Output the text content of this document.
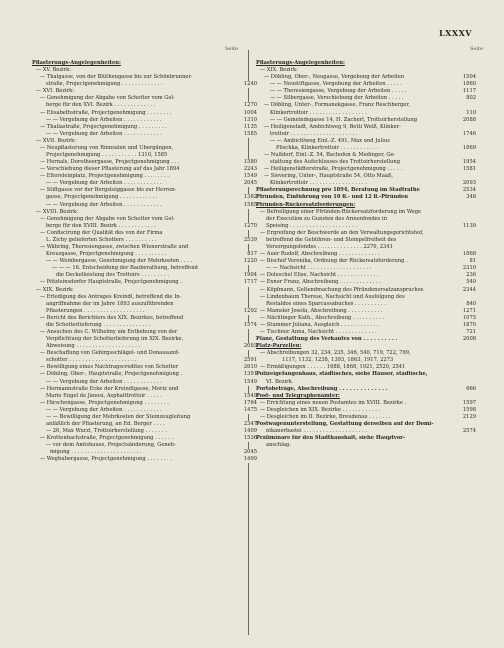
LXXXV
Seite	Seite
Pflasterungs-Angelegenheiten:
— XV. Bezirk:
— Thalgasse, von der Blüthengasse bis zur Schönbrunner-
straße, Projectgenehmigung . . . . . . . . . . . . .	1240
— XVI. Bezirk:
— Genehmigung der Abgabe von Schotter vom Gel-
berge für den XVI. Bezirk . . . . . . . . . . . . .	1270
— Elisabethstraße, Projectgenehmigung . . . . . . . .	1004
— — Vergebung der Arbeiten . . . . . . . . . . . .	1310
— Thaliastraße, Projectgenehmigung . . . . . . . . .	1135
— — Vergebung der Arbeiten . . . . . . . . . . . .	1585
— XVII. Bezirk:
— Neupflasterung von Rinnsalen und Übergängen,
Projectgenehmigung . . . . . . . . . . . 1310, 1585
— Hernals, Dorotheergasse, Projectgenehmigung . . .	1580
— Verschiebung dieser Pflasterung auf das Jahr 1894	2243
— Eltereleinplatz, Projectgenehmigung . . . . . . . .	1549
— — Vergebung der Arbeiten . . . . . . . . . . . .	2045
— Stiftgasse vor der Bergsteiggasse bis zur Herren-
gasse, Projectgenehmigung . . . . . . . . . . . .	1382
— — Vergebung der Arbeiten . . . . . . . . . . . .	1585
— XVIII. Bezirk:
— Genehmigung der Abgabe von Schotter vom Gel-
berge für den XVIII. Bezirk . . . . . . . . . . . .	1270
— Confiscirung der Qualität des von der Firma
L. Zichy gelieferten Schotters . . . . . . . . . .	2539
— Währing, Theresiengasse, zwischen Wienerstraße und
Kreuzgasse, Projectgenehmigung . . . . . . . . . .	817
— — Weinbergasse, Genehmigung der Mehrkosten . . . .	1220
— — — 16. Entscheidung der Bauberathung, betreffend
die Deckelleistung des Trottoirs . . . . . . . . .	1904
— Pötzleinsdorfer Hauptstraße, Projectgenehmigung .	1717
— XIX. Bezirk:
— Erledigung des Antrages Kreindl, betreffend die In-
angriffnahme der im Jahre 1893 auszuführenden
Pflasterungen . . . . . . . . . . . . . . . . . . .	1292
— Bericht des Berichters des XIX. Bezirkes, betreffend
die Schotterlieferung . . . . . . . . . . . . . . .	1574
— Ansuchen des C. Wilhelmy um Enthebung von der
Verpflichtung der Schotterlieferung im XIX. Bezirke,
Abweisung . . . . . . . . . . . . . . . . . . . .	2093
— Beschaffung von Gebirgsschlägel- und Donausand-
schotter . . . . . . . . . . . . . . . . . . . . .	2591
— Bewilligung eines Nachtragscredites von Schotter	2610
— Döbling, Ober-, Hauptstraße, Projectgenehmigung .	1391
— — Vergebung der Arbeiten . . . . . . . . . . . .	1549
— Hermannstraße Ecke der Kreindlgasse, Moriz und
Marie Engel de Jánosi, Asphalttrottoir . . . . .	1549
— Hirschengasse, Projectgenehmigung . . . . . . . .	1764
— — Vergebung der Arbeiten . . . . . . . . . . . .	1475
— — Bewilligung der Mehrkosten der Steinzeugleitung
anläßlich der Pflasterung, an Ed. Berger . . . .	2347
— 26, Max Wurzl, Trottoirherstellung . . . . . . .	1409
— Krottenbachstraße, Projectgenehmigung . . . . . .	1536
— vor dem Amtshause, Projectsänderung, Geneh-
migung . . . . . . . . . . . . . . . . . . . . . .	2045
— Weghubergasse, Projectgenehmigung . . . . . . . .	1499
Pflasterungs-Angelegenheiten:
— XIX. Bezirk:
— Döbling, Ober-, Neugasse, Vergebung der Arbeiten	1504
— — Neustiftgasse, Vergebung der Arbeiten . . . . .	1860
— — Theresiengasse, Vergebung der Arbeiten . . . . .	1117
— — Silbergasse, Verschiebung der Arbeiten . . . . .	802
— Döbling, Unter-, Formanekgasse, Franz Reschberger,
Klinkertrottoir . . . . . . . . . . . . . . . . . .	110
— — Gemeindegasse 14, H. Zacherl, Trottoirherstellung	2088
— Heiligenstadt, Ambichlweg 9, Betti Weiß, Klinker-
trottoir . . . . . . . . . . . . . . . . . . . . .	1746
— — Ambichlweg Einl.-Z. 491, Max und Julius
Plischka, Klinkertrottoir . . . . . . . . . . . .	1869
— Nußdorf, Einl.-Z. 54, Bachofen & Medinger, Ge-
stattung des Aufschlusses des Trottoirherstellung	1954
— Heiligenstädterstraße, Projectgenehmigung . . . . .	1581
— Sievering, Unter-, Hauptstraße 54, Otto Maaß,
Klinkertrottoir . . . . . . . . . . . . . . . . . .	2093
Pflasterungsrechnung pro 1894, Beratung im Stadtrathe	2534
Pfründen, Einführung von 10 fl.- und 12 fl.-Pfründen	348
Pfründen-Rückersatzforderungen:
— Befreiligung einer Pfründen-Rückersatzforderung im Wege
der Execution zu Gunsten des Armenfondes in
Speising . . . . . . . . . . . . . . . . . . . . .	1139
— Ergreifung der Beschwerde an den Verwaltungsgerichtshof,
betreffend die Gebühren- und Stempelfreiheit des
Versorgungsfondes . . . . . . . . . . . . . . 2270, 2341
— Auer Rudolf, Abschreibung . . . . . . . . . . . . .	1868
— Bischof Veronika, Ordnung der Rückersatzforderung .	81
— — Nachsicht . . . . . . . . . . . . . . . . . . . .	2310
— Doleschel Elise, Nachsicht . . . . . . . . . . . . .	236
— Exner Franz, Abschreibung . . . . . . . . . . . . .	540
— Köpfmann, Geltendmachung des Pfründenersatzanspruches	2344
— Lindenbaum Therese, Nachsicht und Ausfolgung des
Restaldos eines Sparcassabuches . . . . . . . . . .	840
— Mamsler Josefa, Abschreibung . . . . . . . . . . .	1271
— Nächtinger Kath., Abschreibung . . . . . . . . . .	1075
— Stummer Juliana, Ausgleich . . . . . . . . . . . .	1870
— Tischner Anna, Nachsicht . . . . . . . . . . . . .	721
Pläne, Gestattung des Verkaufes von . . . . . . . . . .	2008
Platz-Parzellen:
— Abschreibungen 32, 234, 235, 346, 540, 719, 722, 799,
1117, 1132, 1238, 1393, 1863, 1917, 2273
— Ermäßigungen . . . . . . 1688, 1868, 1921, 2520, 2541
Polizeigefangenhaus, städtisches, siehe Häuser, städtische,
VI. Bezirk.
Portobeträge, Abschreibung . . . . . . . . . . . . . .	666
Post- und Telegraphenämter:
— Errichtung eines neuen Postamtes im XVIII. Bezirke .	1597
— Desgleichen im XIX. Bezirke . . . . . . . . . . . .	1598
— Desgleichen im II. Bezirke, Breudenau . . . . . . .	2129
Postwagenunterstellung, Gestattung derselben auf der Domi-
nikanerbastei . . . . . . . . . . . . . . . . . . . .	2574
Präliminare für den Stadthaushalt, siehe Hauptvor-
anschlag.
